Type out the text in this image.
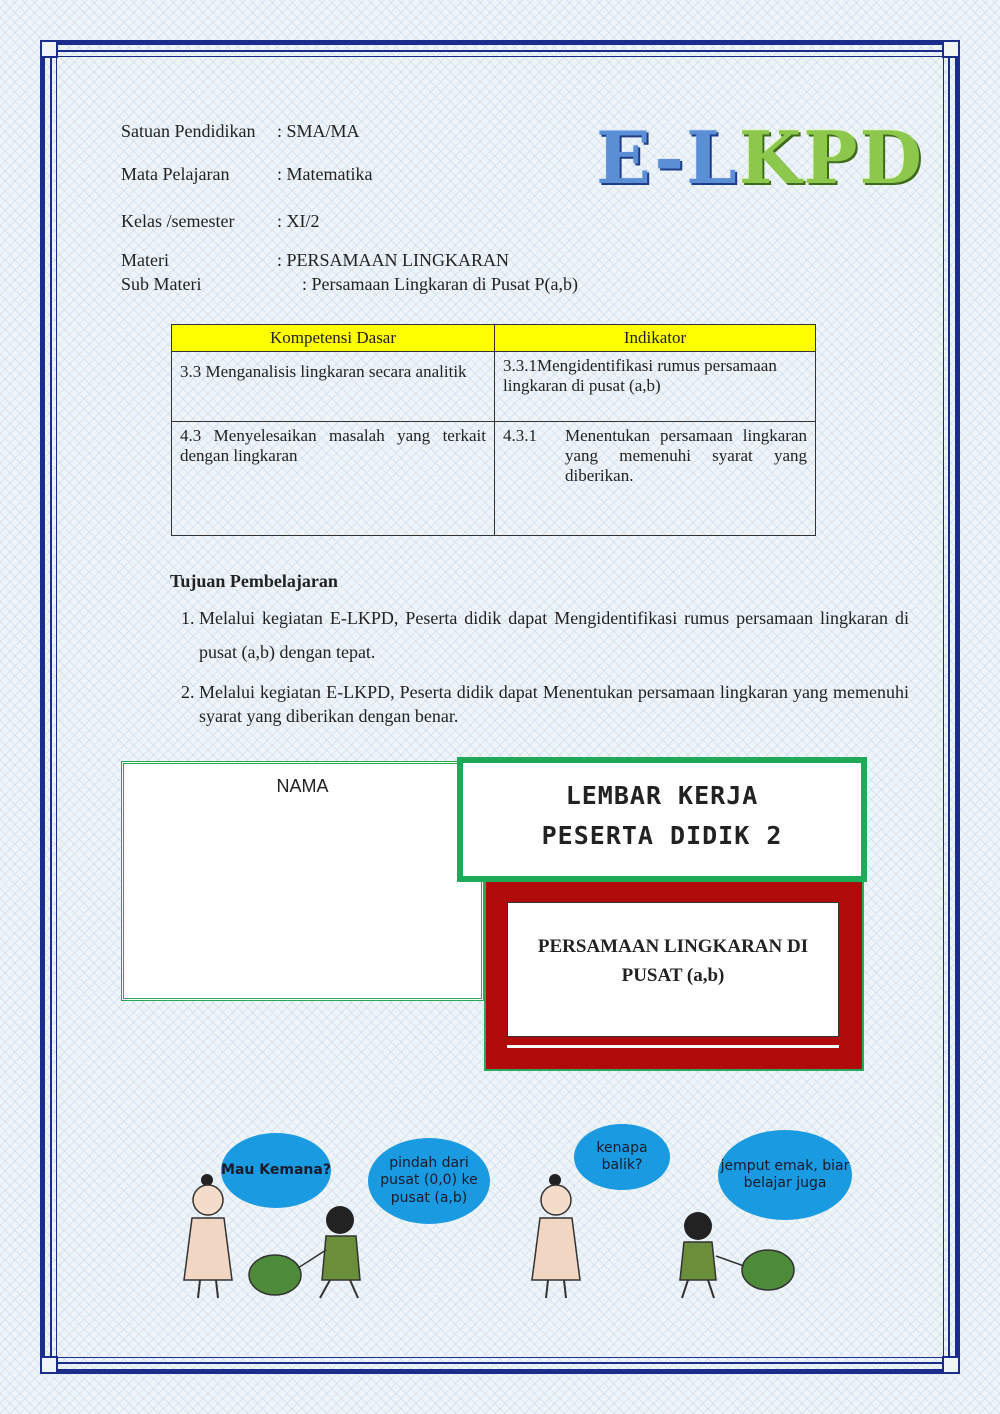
Satuan Pendidikan : SMA/MA
Mata Pelajaran	: Matematika
Kelas /semester : XI/2
Materi	: PERSAMAAN LINGKARAN
Sub Materi	: Persamaan Lingkaran di Pusat P(a,b)
E-LKPD
Kompetensi Dasar	Indikator
3.3 Menganalisis lingkaran secara analitik	3.3.1Mengidentifikasi rumus persamaan lingkaran di pusat (a,b)
4.3 Menyelesaikan masalah yang terkait dengan lingkaran	4.3.1 Menentukan persamaan lingkaran yang memenuhi syarat yang diberikan.
Tujuan Pembelajaran
1. Melalui kegiatan E-LKPD, Peserta didik dapat Mengidentifikasi rumus persamaan lingkaran di pusat (a,b) dengan tepat.
2. Melalui kegiatan E-LKPD, Peserta didik dapat Menentukan persamaan lingkaran yang memenuhi syarat yang diberikan dengan benar.
NAMA
PERSAMAAN LINGKARAN DI
PUSAT (a,b)
LEMBAR KERJA
PESERTA DIDIK 2
Mau Kemana?	pindah dari pusat (0,0) ke pusat (a,b)
kenapa balik?	jemput emak, biar belajar juga
